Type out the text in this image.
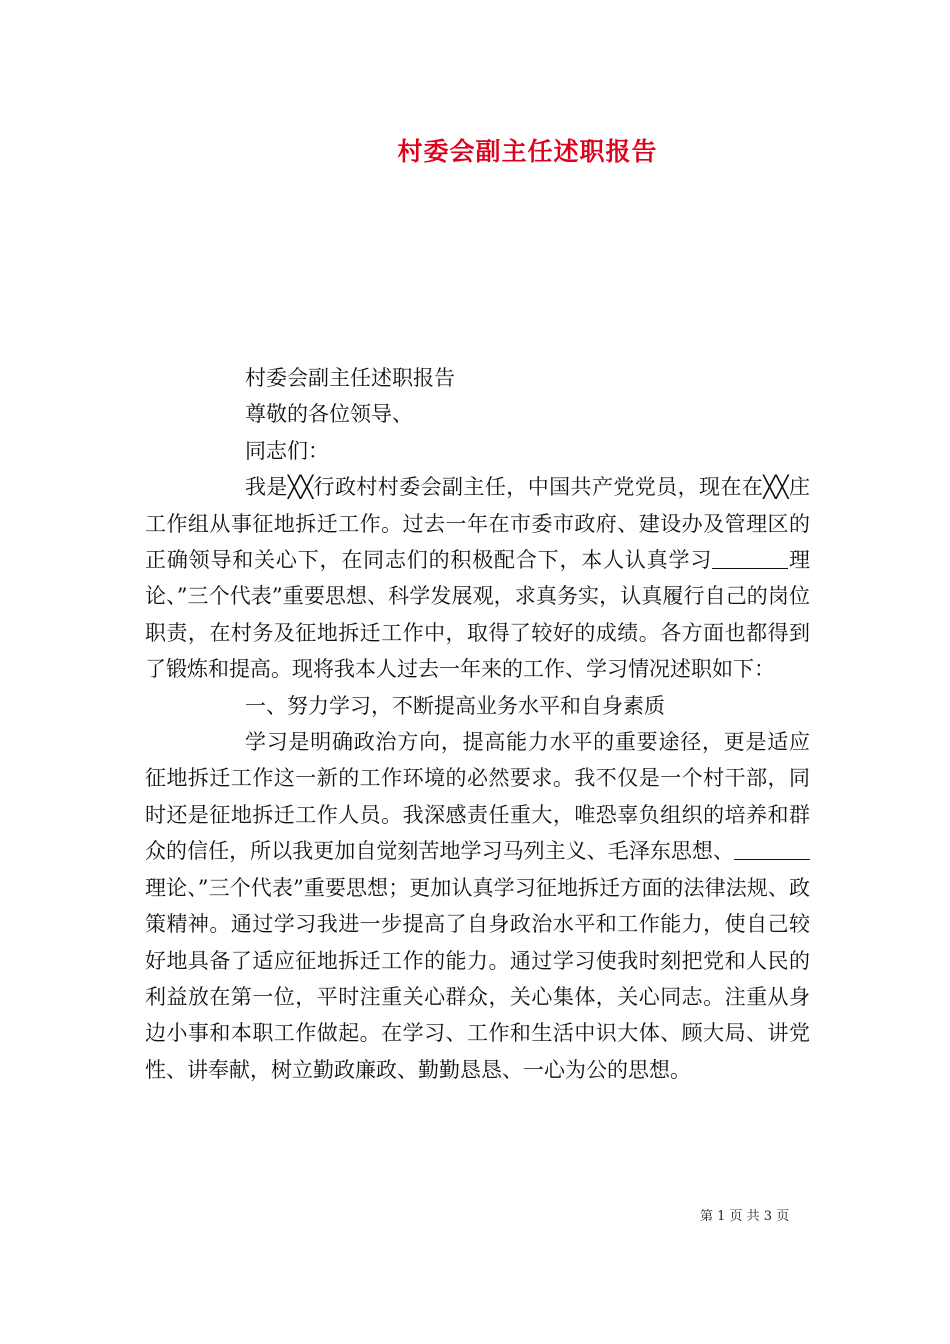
村委会副主任述职报告

村委会副主任述职报告

尊敬的各位领导、

同志们：

我是╳╳行政村村委会副主任，中国共产党党员，现在在╳╳庄工作组从事征地拆迁工作。过去一年在市委市政府、建设办及管理区的正确领导和关心下，在同志们的积极配合下，本人认真学习	理论、”三个代表”重要思想、科学发展观，求真务实，认真履行自己的岗位职责，在村务及征地拆迁工作中，取得了较好的成绩。各方面也都得到了锻炼和提高。现将我本人过去一年来的工作、学习情况述职如下：

一、努力学习，不断提高业务水平和自身素质

学习是明确政治方向，提高能力水平的重要途径，更是适应征地拆迁工作这一新的工作环境的必然要求。我不仅是一个村干部，同时还是征地拆迁工作人员。我深感责任重大，唯恐辜负组织的培养和群众的信任，所以我更加自觉刻苦地学习马列主义、毛泽东思想、理论、”三个代表”重要思想；更加认真学习征地拆迁方面的法律法规、政策精神。通过学习我进一步提高了自身政治水平和工作能力，使自己较好地具备了适应征地拆迁工作的能力。通过学习使我时刻把党和人民的利益放在第一位，平时注重关心群众，关心集体，关心同志。注重从身边小事和本职工作做起。在学习、工作和生活中识大体、顾大局、讲党性、讲奉献，树立勤政廉政、勤勤恳恳、一心为公的思想。

第 1 页 共 3 页
